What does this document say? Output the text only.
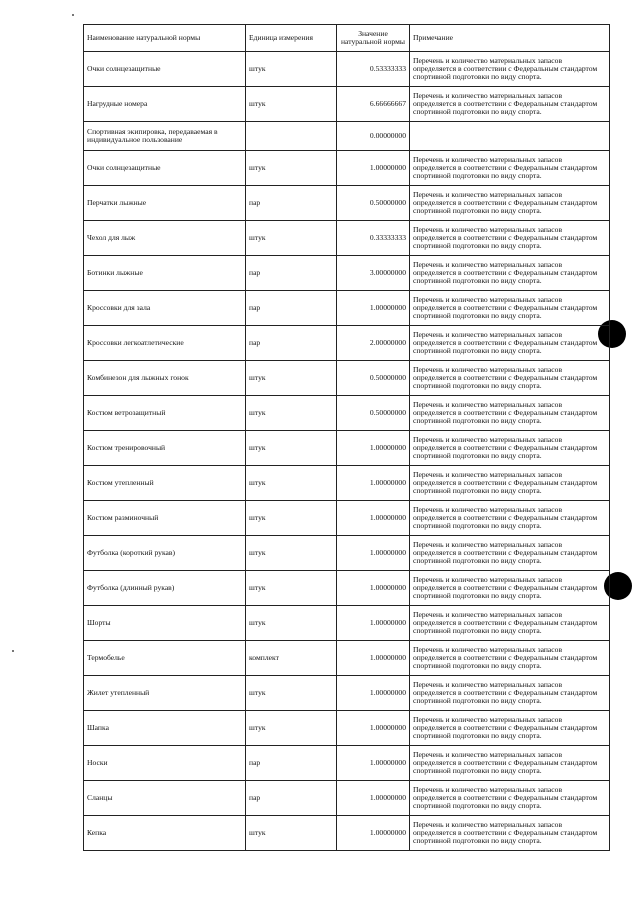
Наименование натуральной нормы	Единица измерения	Значение натуральной нормы	Примечание
Очки солнцезащитные	штук	0.53333333	Перечень и количество материальных запасов определяется в соответствии с Федеральным стандартом спортивной подготовки по виду спорта.
Нагрудные номера	штук	6.66666667	Перечень и количество материальных запасов определяется в соответствии с Федеральным стандартом спортивной подготовки по виду спорта.
Спортивная экипировка, передаваемая в индивидуальное пользование		0.00000000	
Очки солнцезащитные	штук	1.00000000	Перечень и количество материальных запасов определяется в соответствии с Федеральным стандартом спортивной подготовки по виду спорта.
Перчатки лыжные	пар	0.50000000	Перечень и количество материальных запасов определяется в соответствии с Федеральным стандартом спортивной подготовки по виду спорта.
Чехол для лыж	штук	0.33333333	Перечень и количество материальных запасов определяется в соответствии с Федеральным стандартом спортивной подготовки по виду спорта.
Ботинки лыжные	пар	3.00000000	Перечень и количество материальных запасов определяется в соответствии с Федеральным стандартом спортивной подготовки по виду спорта.
Кроссовки для зала	пар	1.00000000	Перечень и количество материальных запасов определяется в соответствии с Федеральным стандартом спортивной подготовки по виду спорта.
Кроссовки легкоатлетические	пар	2.00000000	Перечень и количество материальных запасов определяется в соответствии с Федеральным стандартом спортивной подготовки по виду спорта.
Комбинезон для лыжных гонок	штук	0.50000000	Перечень и количество материальных запасов определяется в соответствии с Федеральным стандартом спортивной подготовки по виду спорта.
Костюм ветрозащитный	штук	0.50000000	Перечень и количество материальных запасов определяется в соответствии с Федеральным стандартом спортивной подготовки по виду спорта.
Костюм тренировочный	штук	1.00000000	Перечень и количество материальных запасов определяется в соответствии с Федеральным стандартом спортивной подготовки по виду спорта.
Костюм утепленный	штук	1.00000000	Перечень и количество материальных запасов определяется в соответствии с Федеральным стандартом спортивной подготовки по виду спорта.
Костюм разминочный	штук	1.00000000	Перечень и количество материальных запасов определяется в соответствии с Федеральным стандартом спортивной подготовки по виду спорта.
Футболка (короткий рукав)	штук	1.00000000	Перечень и количество материальных запасов определяется в соответствии с Федеральным стандартом спортивной подготовки по виду спорта.
Футболка (длинный рукав)	штук	1.00000000	Перечень и количество материальных запасов определяется в соответствии с Федеральным стандартом спортивной подготовки по виду спорта.
Шорты	штук	1.00000000	Перечень и количество материальных запасов определяется в соответствии с Федеральным стандартом спортивной подготовки по виду спорта.
Термобелье	комплект	1.00000000	Перечень и количество материальных запасов определяется в соответствии с Федеральным стандартом спортивной подготовки по виду спорта.
Жилет утепленный	штук	1.00000000	Перечень и количество материальных запасов определяется в соответствии с Федеральным стандартом спортивной подготовки по виду спорта.
Шапка	штук	1.00000000	Перечень и количество материальных запасов определяется в соответствии с Федеральным стандартом спортивной подготовки по виду спорта.
Носки	пар	1.00000000	Перечень и количество материальных запасов определяется в соответствии с Федеральным стандартом спортивной подготовки по виду спорта.
Сланцы	пар	1.00000000	Перечень и количество материальных запасов определяется в соответствии с Федеральным стандартом спортивной подготовки по виду спорта.
Кепка	штук	1.00000000	Перечень и количество материальных запасов определяется в соответствии с Федеральным стандартом спортивной подготовки по виду спорта.
